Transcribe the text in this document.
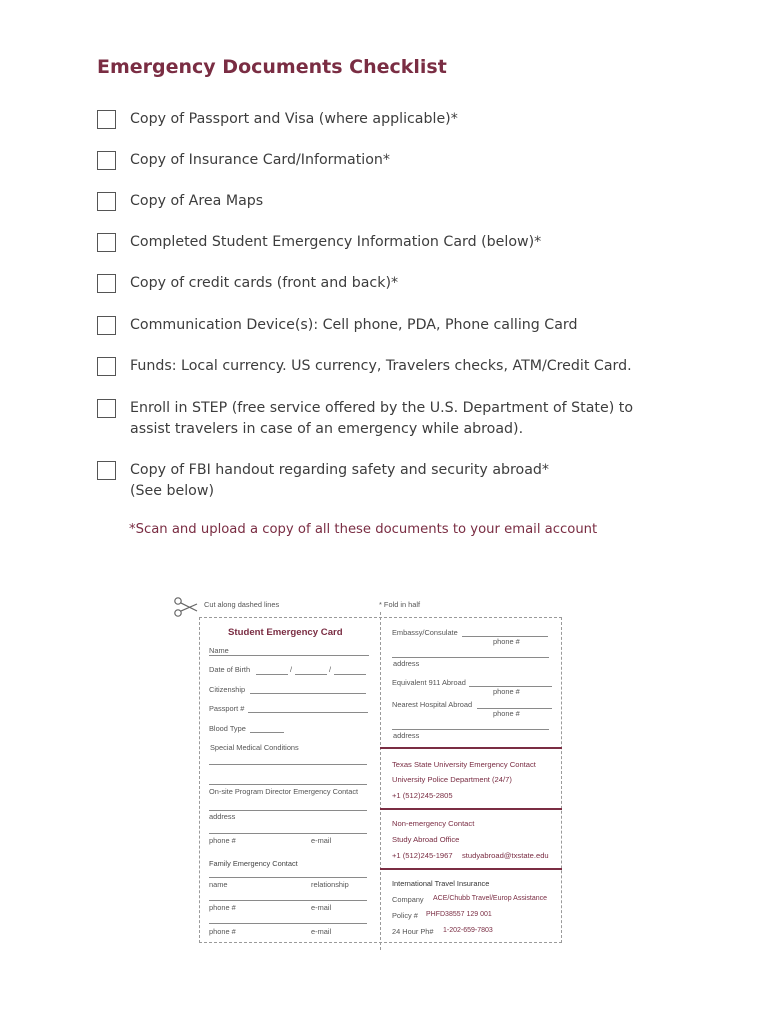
Emergency Documents Checklist
Copy of Passport and Visa (where applicable)*
Copy of Insurance Card/Information*
Copy of Area Maps
Completed Student Emergency Information Card (below)*
Copy of credit cards (front and back)*
Communication Device(s): Cell phone, PDA, Phone calling Card
Funds: Local currency. US currency, Travelers checks, ATM/Credit Card.
Enroll in STEP (free service offered by the U.S. Department of State) to
assist travelers in case of an emergency while abroad).
Copy of FBI handout regarding safety and security abroad*
(See below)
*Scan and upload a copy of all these documents to your email account
Cut along dashed lines	* Fold in half
Student Emergency Card
Name
Date of Birth	/	/
Citizenship
Passport #
Blood Type
Special Medical Conditions
On-site Program Director Emergency Contact
address
phone #	e-mail
Family Emergency Contact
name	relationship
phone #	e-mail
phone #	e-mail
Embassy/Consulate
phone #
address
Equivalent 911 Abroad
phone #
Nearest Hospital Abroad
phone #
address
Texas State University Emergency Contact
University Police Department (24/7)
+1 (512)245-2805
Non-emergency Contact
Study Abroad Office
+1 (512)245-1967 studyabroad@txstate.edu
International Travel Insurance
Company ACE/Chubb Travel/Europ Assistance
Policy # PHFD38557 129 001
24 Hour Ph# 1-202-659-7803
